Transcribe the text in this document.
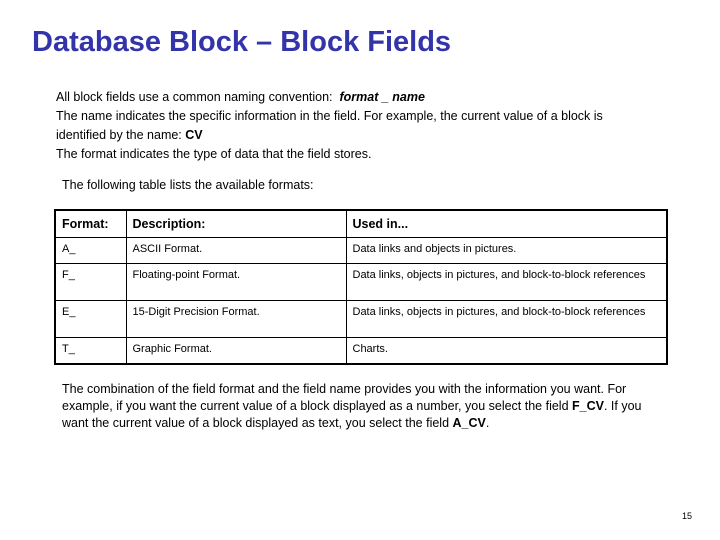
Database Block – Block Fields

All block fields use a common naming convention: format _ name

The name indicates the specific information in the field. For example, the current value of a block is identified by the name: CV

The format indicates the type of data that the field stores.

The following table lists the available formats:

Format:	Description:	Used in...
A_	ASCII Format.	Data links and objects in pictures.
F_	Floating-point Format.	Data links, objects in pictures, and block-to-block references
E_	15-Digit Precision Format.	Data links, objects in pictures, and block-to-block references
T_	Graphic Format.	Charts.

The combination of the field format and the field name provides you with the information you want. For example, if you want the current value of a block displayed as a number, you select the field F_CV. If you want the current value of a block displayed as text, you select the field A_CV.

15
